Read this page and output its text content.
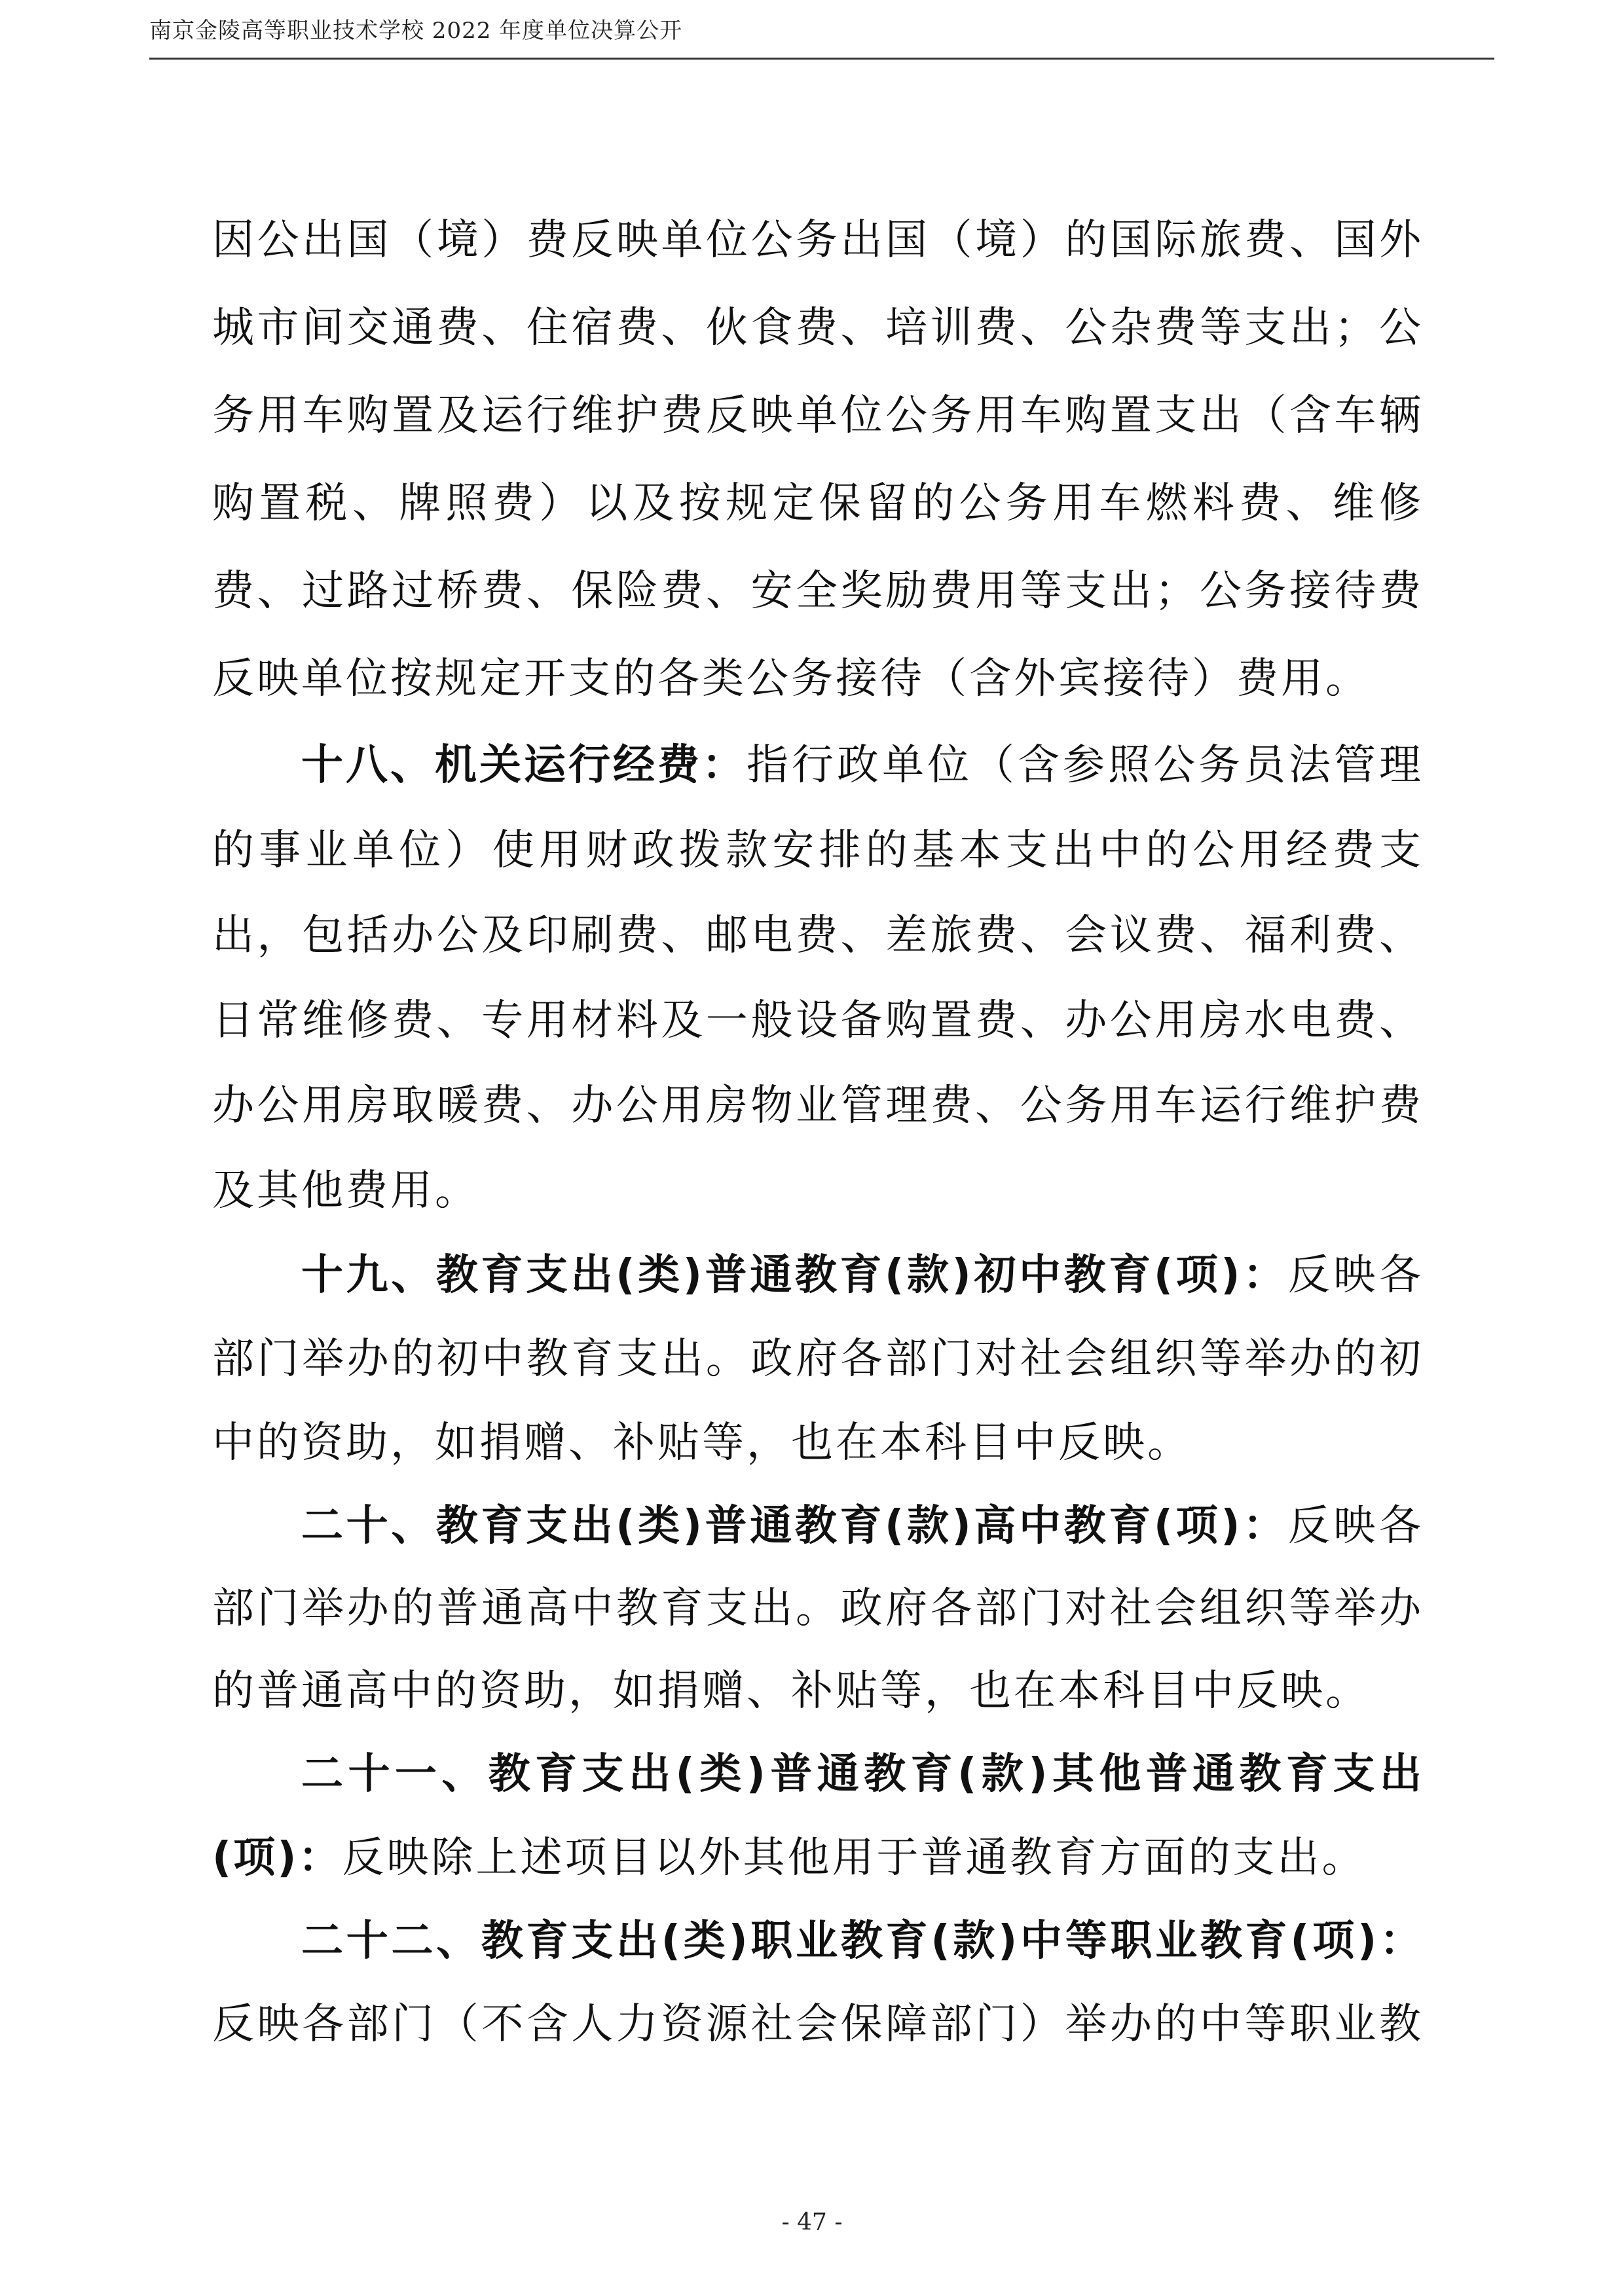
南京金陵高等职业技术学校 2022 年度单位决算公开
因公出国（境）费反映单位公务出国（境）的国际旅费、国外
城市间交通费、住宿费、伙食费、培训费、公杂费等支出；公
务用车购置及运行维护费反映单位公务用车购置支出（含车辆
购置税、牌照费）以及按规定保留的公务用车燃料费、维修
费、过路过桥费、保险费、安全奖励费用等支出；公务接待费
反映单位按规定开支的各类公务接待（含外宾接待）费用。
十八、机关运行经费：指行政单位（含参照公务员法管理
的事业单位）使用财政拨款安排的基本支出中的公用经费支
出，包括办公及印刷费、邮电费、差旅费、会议费、福利费、
日常维修费、专用材料及一般设备购置费、办公用房水电费、
办公用房取暖费、办公用房物业管理费、公务用车运行维护费
及其他费用。
十九、教育支出(类)普通教育(款)初中教育(项)：反映各
部门举办的初中教育支出。政府各部门对社会组织等举办的初
中的资助，如捐赠、补贴等，也在本科目中反映。
二十、教育支出(类)普通教育(款)高中教育(项)：反映各
部门举办的普通高中教育支出。政府各部门对社会组织等举办
的普通高中的资助，如捐赠、补贴等，也在本科目中反映。
二十一、教育支出(类)普通教育(款)其他普通教育支出
(项)：反映除上述项目以外其他用于普通教育方面的支出。
二十二、教育支出(类)职业教育(款)中等职业教育(项)：
反映各部门（不含人力资源社会保障部门）举办的中等职业教
- 47 -
